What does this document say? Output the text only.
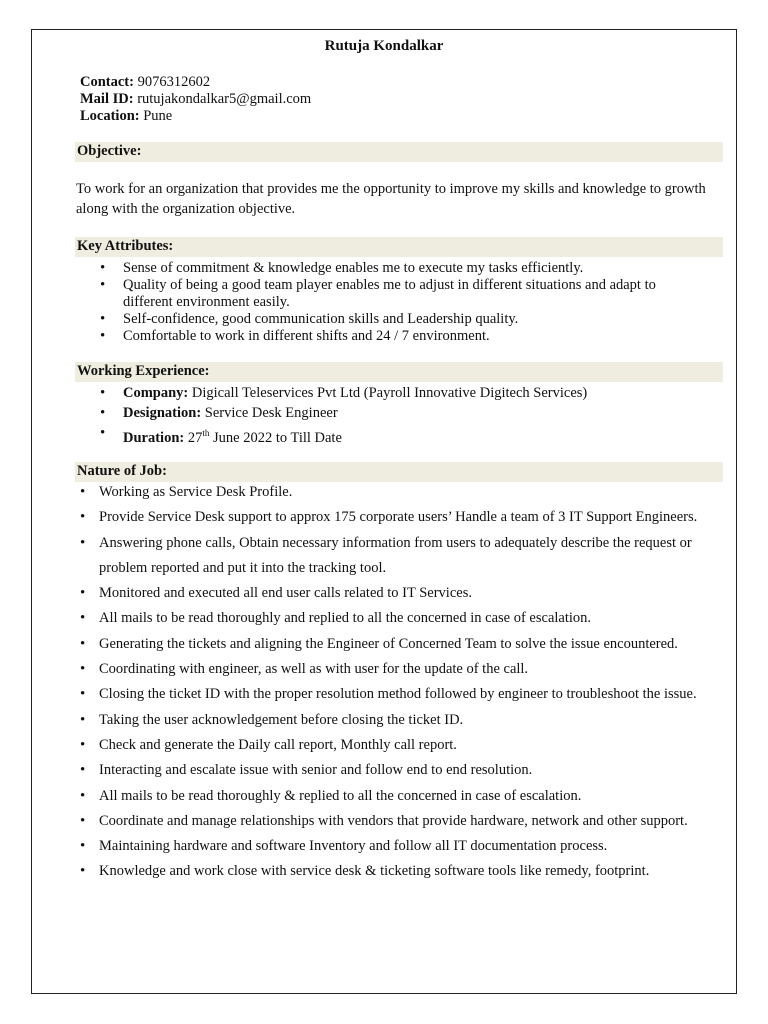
Rutuja Kondalkar
Contact: 9076312602
Mail ID: rutujakondalkar5@gmail.com
Location: Pune
Objective:
To work for an organization that provides me the opportunity to improve my skills and knowledge to growth along with the organization objective.
Key Attributes:
• Sense of commitment & knowledge enables me to execute my tasks efficiently.
• Quality of being a good team player enables me to adjust in different situations and adapt to different environment easily.
• Self-confidence, good communication skills and Leadership quality.
• Comfortable to work in different shifts and 24 / 7 environment.
Working Experience:
• Company: Digicall Teleservices Pvt Ltd (Payroll Innovative Digitech Services)
• Designation: Service Desk Engineer
• Duration: 27th June 2022 to Till Date
Nature of Job:
• Working as Service Desk Profile.
• Provide Service Desk support to approx 175 corporate users’ Handle a team of 3 IT Support Engineers.
• Answering phone calls, Obtain necessary information from users to adequately describe the request or problem reported and put it into the tracking tool.
• Monitored and executed all end user calls related to IT Services.
• All mails to be read thoroughly and replied to all the concerned in case of escalation.
• Generating the tickets and aligning the Engineer of Concerned Team to solve the issue encountered.
• Coordinating with engineer, as well as with user for the update of the call.
• Closing the ticket ID with the proper resolution method followed by engineer to troubleshoot the issue.
• Taking the user acknowledgement before closing the ticket ID.
• Check and generate the Daily call report, Monthly call report.
• Interacting and escalate issue with senior and follow end to end resolution.
• All mails to be read thoroughly & replied to all the concerned in case of escalation.
• Coordinate and manage relationships with vendors that provide hardware, network and other support.
• Maintaining hardware and software Inventory and follow all IT documentation process.
• Knowledge and work close with service desk & ticketing software tools like remedy, footprint.
